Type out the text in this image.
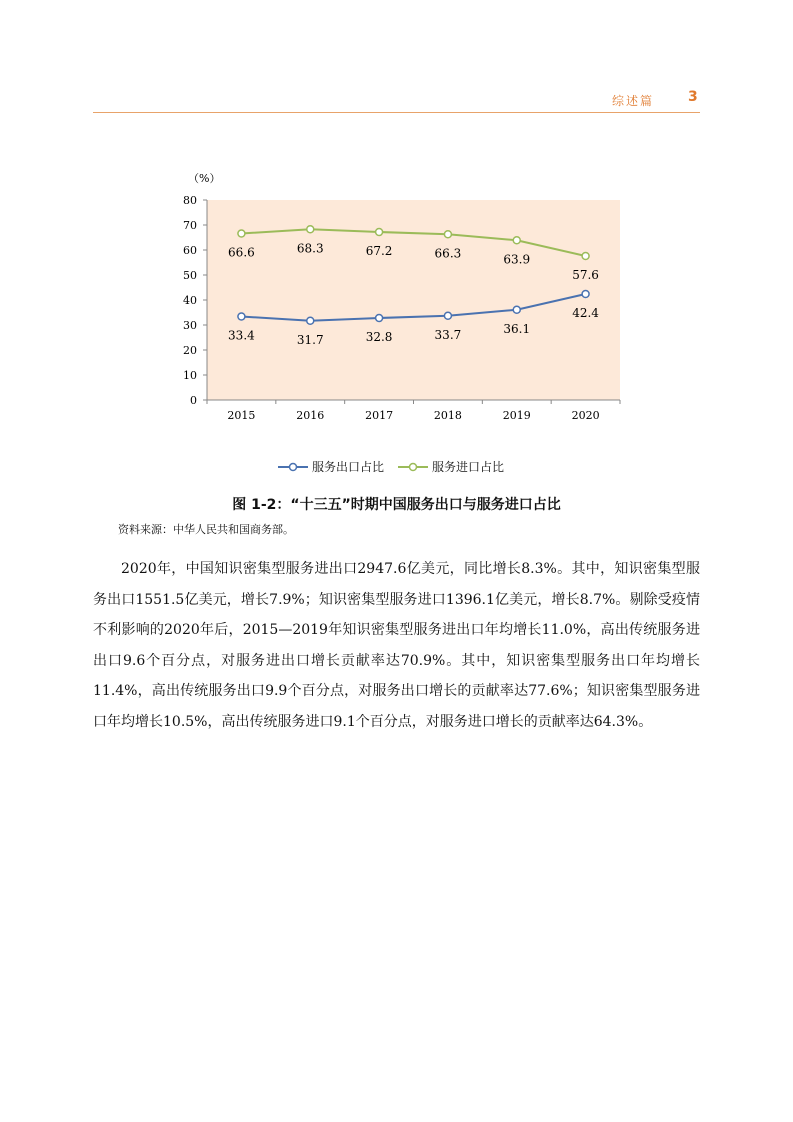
综述篇 3
（%）
0
10
20
30
40
50
60
70
80
2015	2016	2017	2018	2019	2020
33.4	31.7	32.8	33.7	36.1
42.4
66.6	68.3	67.2	66.3	63.9
57.6
服务出口占比	服务进口占比
图 1-2：“十三五”时期中国服务出口与服务进口占比
资料来源：中华人民共和国商务部。

2020年，中国知识密集型服务进出口2947.6亿美元，同比增长8.3%。其中，知识密集型服务出口1551.5亿美元，增长7.9%；知识密集型服务进口1396.1亿美元，增长8.7%。剔除受疫情不利影响的2020年后，2015—2019年知识密集型服务进出口年均增长11.0%，高出传统服务进出口9.6个百分点，对服务进出口增长贡献率达70.9%。其中，知识密集型服务出口年均增长11.4%，高出传统服务出口9.9个百分点，对服务出口增长的贡献率达77.6%；知识密集型服务进口年均增长10.5%，高出传统服务进口9.1个百分点，对服务进口增长的贡献率达64.3%。
